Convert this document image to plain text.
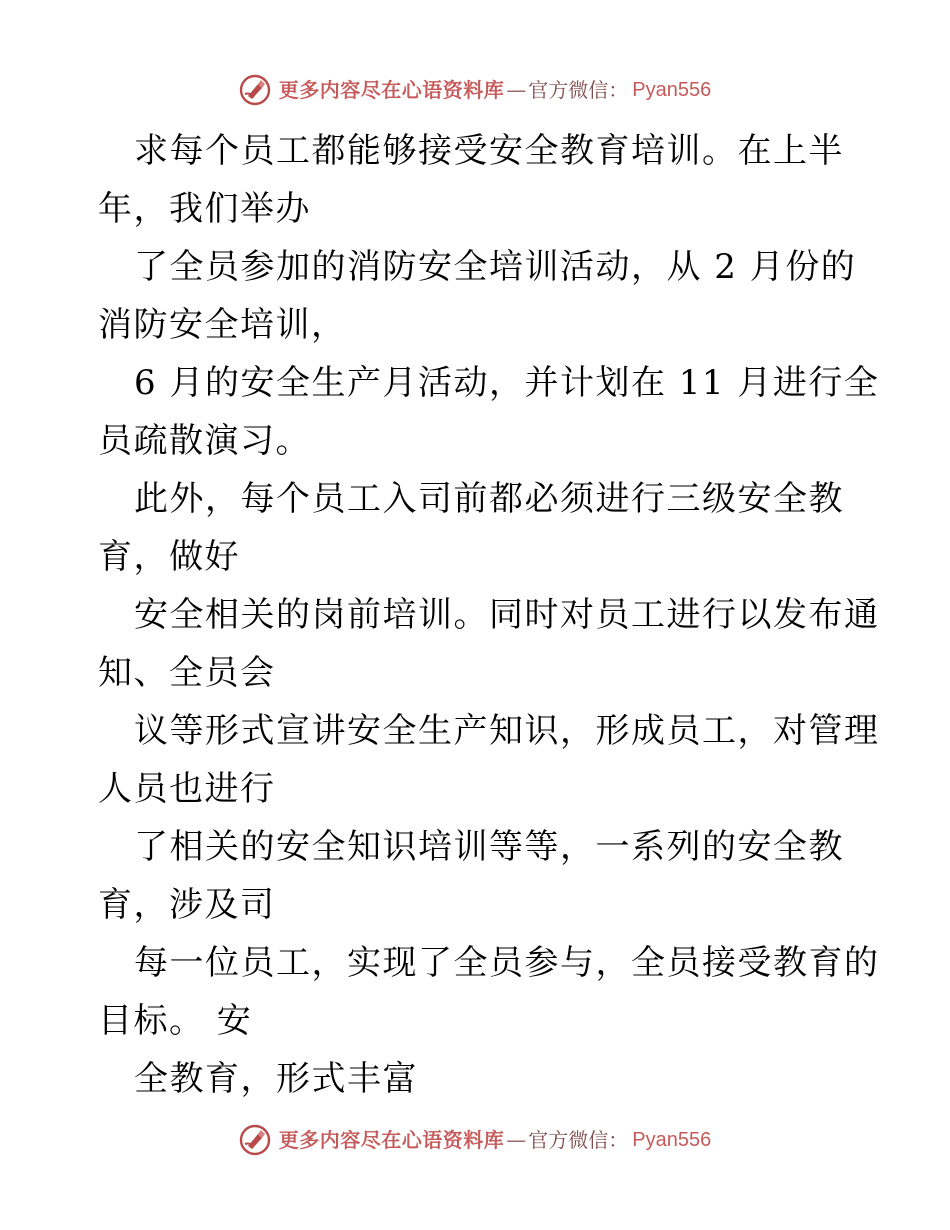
更多内容尽在心语资料库 — 官方微信： Pyan556
求每个员工都能够接受安全教育培训。在上半
年，我们举办
了全员参加的消防安全培训活动，从 2 月份的
消防安全培训，
6 月的安全生产月活动，并计划在 11 月进行全
员疏散演习。
此外，每个员工入司前都必须进行三级安全教
育，做好
安全相关的岗前培训。同时对员工进行以发布通
知、全员会
议等形式宣讲安全生产知识，形成员工，对管理
人员也进行
了相关的安全知识培训等等，一系列的安全教
育，涉及司
每一位员工，实现了全员参与，全员接受教育的
目标。 安
全教育，形式丰富
更多内容尽在心语资料库 — 官方微信： Pyan556
